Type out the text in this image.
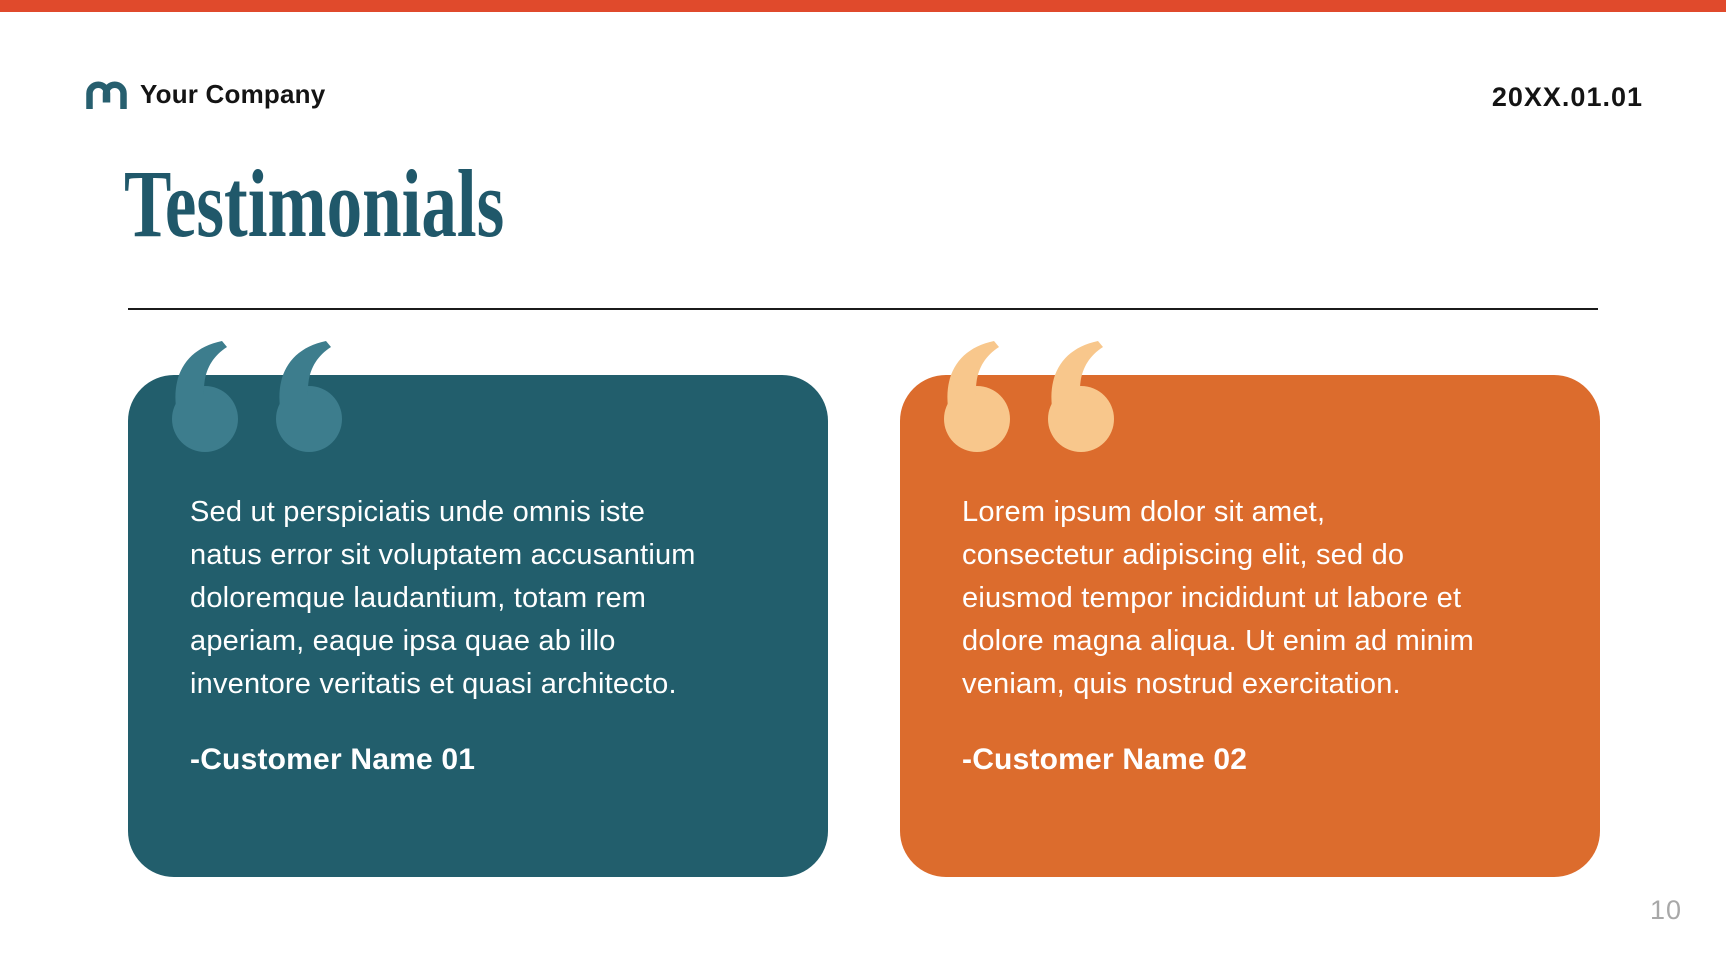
Your Company	20XX.01.01
Testimonials
Sed ut perspiciatis unde omnis iste
natus error sit voluptatem accusantium
doloremque laudantium, totam rem
aperiam, eaque ipsa quae ab illo
inventore veritatis et quasi architecto.
-Customer Name 01
Lorem ipsum dolor sit amet,
consectetur adipiscing elit, sed do
eiusmod tempor incididunt ut labore et
dolore magna aliqua. Ut enim ad minim
veniam, quis nostrud exercitation.
-Customer Name 02
10
